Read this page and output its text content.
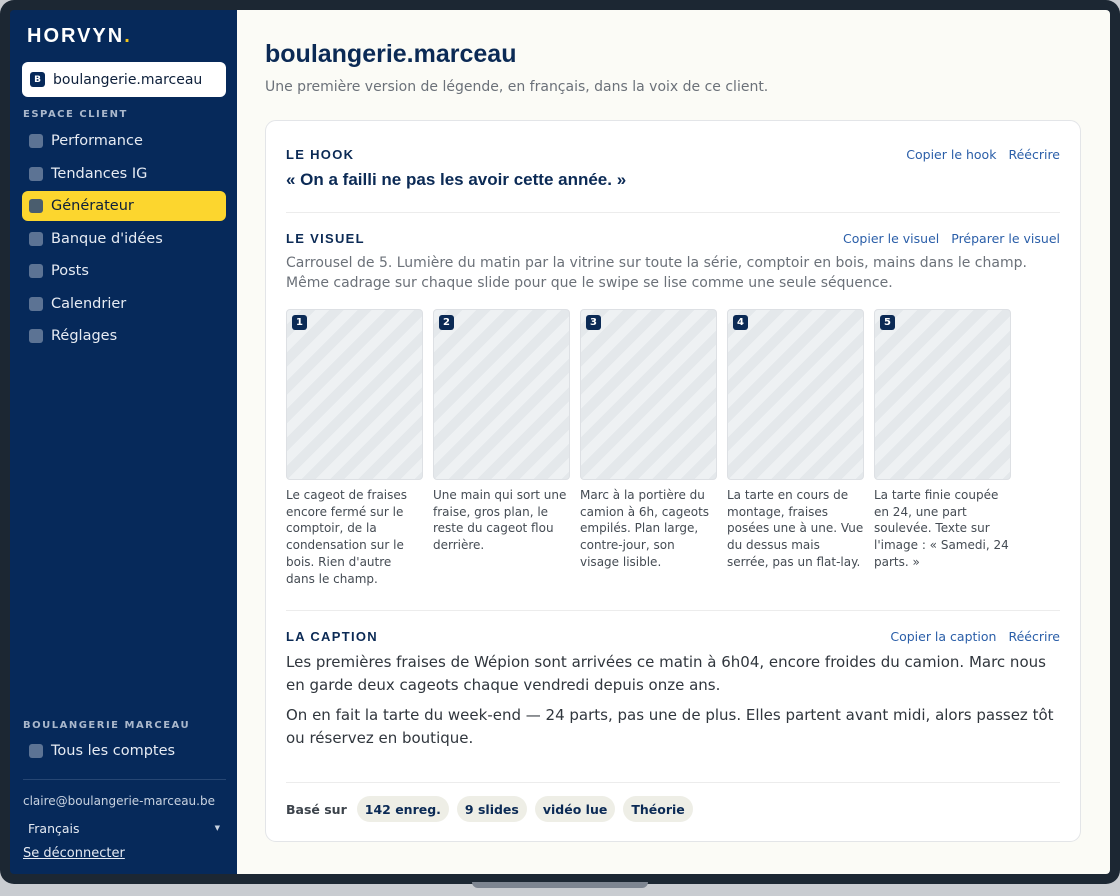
HORVYN.
B boulangerie.marceau
ESPACE CLIENT
Performance
Tendances IG
Générateur
Banque d'idées
Posts
Calendrier
Réglages
BOULANGERIE MARCEAU
Tous les comptes
claire@boulangerie-marceau.be
Français	▼
Se déconnecter
boulangerie.marceau
Une première version de légende, en français, dans la voix de ce client.
LE HOOK	Copier le hook Réécrire
« On a failli ne pas les avoir cette année. »
LE VISUEL	Copier le visuel Préparer le visuel
Carrousel de 5. Lumière du matin par la vitrine sur toute la série, comptoir en bois, mains dans le champ. Même cadrage sur chaque slide pour que le swipe se lise comme une seule séquence.
1
Le cageot de fraises encore fermé sur le comptoir, de la condensation sur le bois. Rien d'autre dans le champ.
2
Une main qui sort une fraise, gros plan, le reste du cageot flou derrière.
3
Marc à la portière du camion à 6h, cageots empilés. Plan large, contre-jour, son visage lisible.
4
La tarte en cours de montage, fraises posées une à une. Vue du dessus mais serrée, pas un flat-lay.
5
La tarte finie coupée en 24, une part soulevée. Texte sur l'image : « Samedi, 24 parts. »
LA CAPTION	Copier la caption Réécrire
Les premières fraises de Wépion sont arrivées ce matin à 6h04, encore froides du camion. Marc nous en garde deux cageots chaque vendredi depuis onze ans.
On en fait la tarte du week-end — 24 parts, pas une de plus. Elles partent avant midi, alors passez tôt ou réservez en boutique.
Basé sur	142 enreg.	9 slides	vidéo lue	Théorie
